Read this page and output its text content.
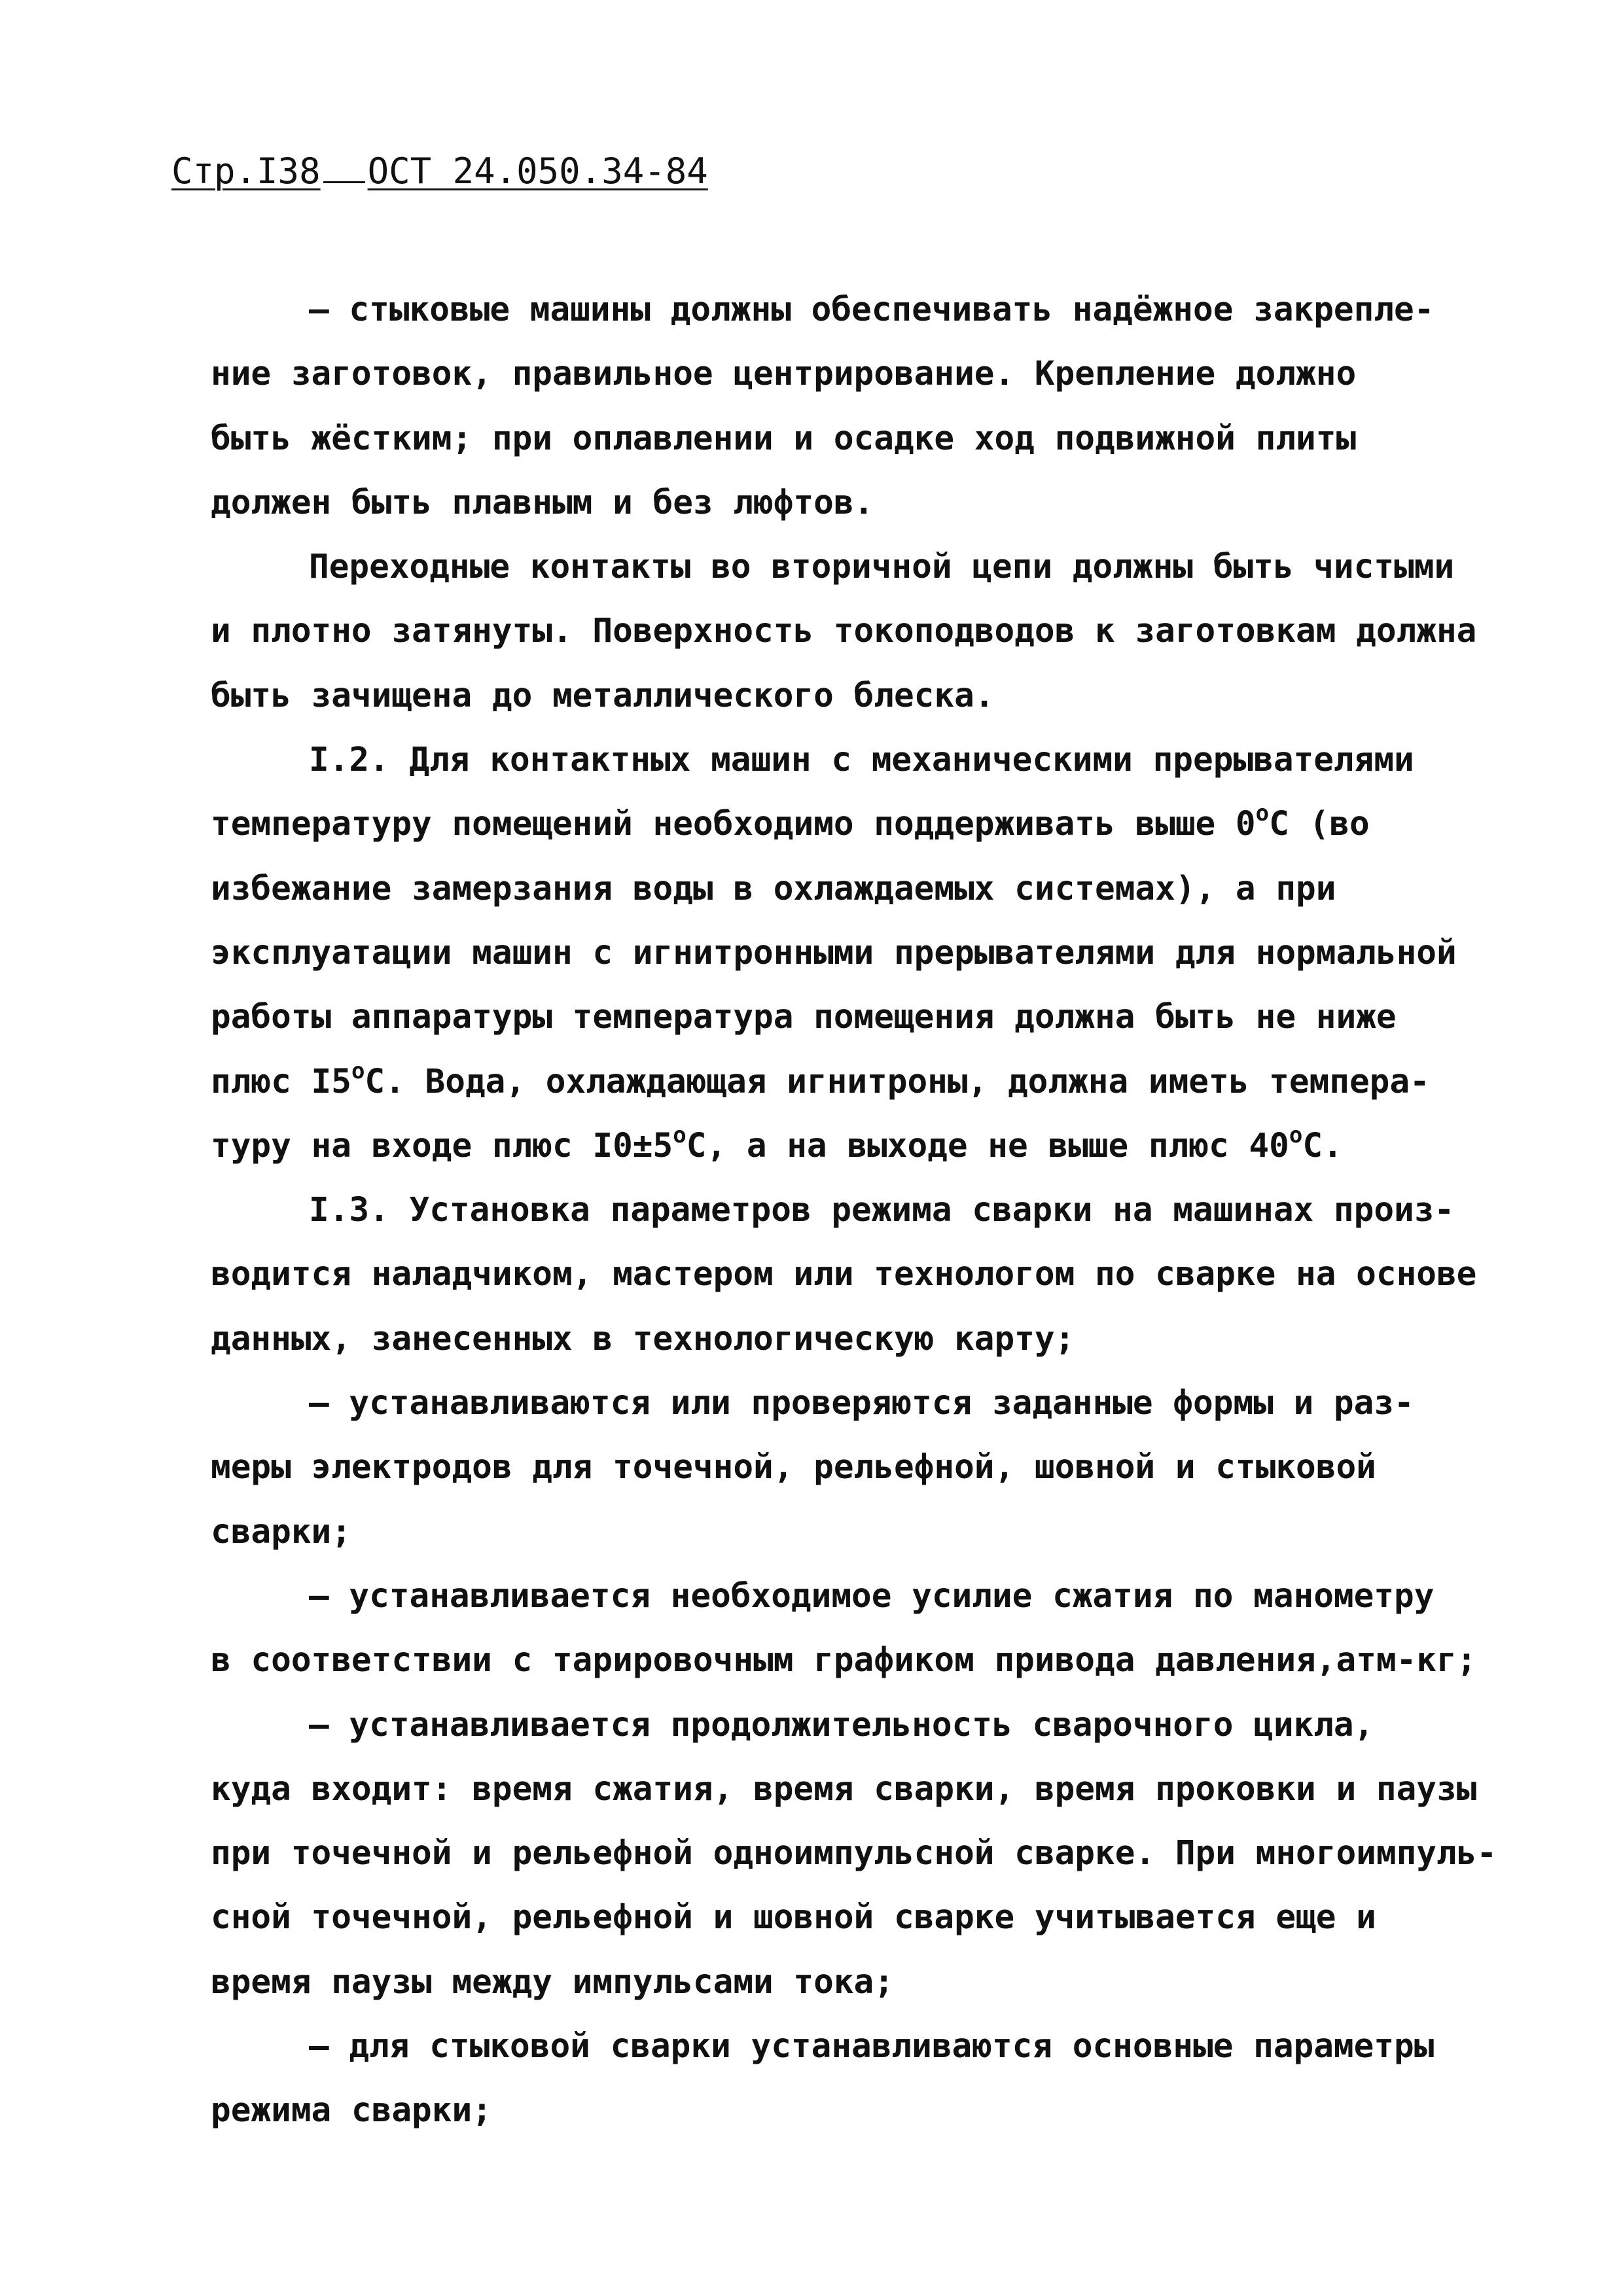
Стр.I38 ОСТ 24.050.34-84
– стыковые машины должны обеспечивать надёжное закрепле-
ние заготовок, правильное центрирование. Крепление должно
быть жёстким; при оплавлении и осадке ход подвижной плиты
должен быть плавным и без люфтов.
Переходные контакты во вторичной цепи должны быть чистыми
и плотно затянуты. Поверхность токоподводов к заготовкам должна
быть зачищена до металлического блеска.
I.2. Для контактных машин с механическими прерывателями
температуру помещений необходимо поддерживать выше 0$^o$С (во
избежание замерзания воды в охлаждаемых системах), а при
эксплуатации машин с игнитронными прерывателями для нормальной
работы аппаратуры температура помещения должна быть не ниже
плюс I5$^o$С. Вода, охлаждающая игнитроны, должна иметь темпера-
туру на входе плюс $I0\pm 5^oС$, а на выходе не выше плюс 40$^o$С.
I.3. Установка параметров режима сварки на машинах произ-
водится наладчиком, мастером или технологом по сварке на основе
данных, занесенных в технологическую карту;
– устанавливаются или проверяются заданные формы и раз-
меры электродов для точечной, рельефной, шовной и стыковой
сварки;
– устанавливается необходимое усилие сжатия по манометру
в соответствии с тарировочным графиком привода давления,атм-кг;
– устанавливается продолжительность сварочного цикла,
куда входит: время сжатия, время сварки, время проковки и паузы
при точечной и рельефной одноимпульсной сварке. При многоимпуль-
сной точечной, рельефной и шовной сварке учитывается еще и
время паузы между импульсами тока;
– для стыковой сварки устанавливаются основные параметры
режима сварки;
